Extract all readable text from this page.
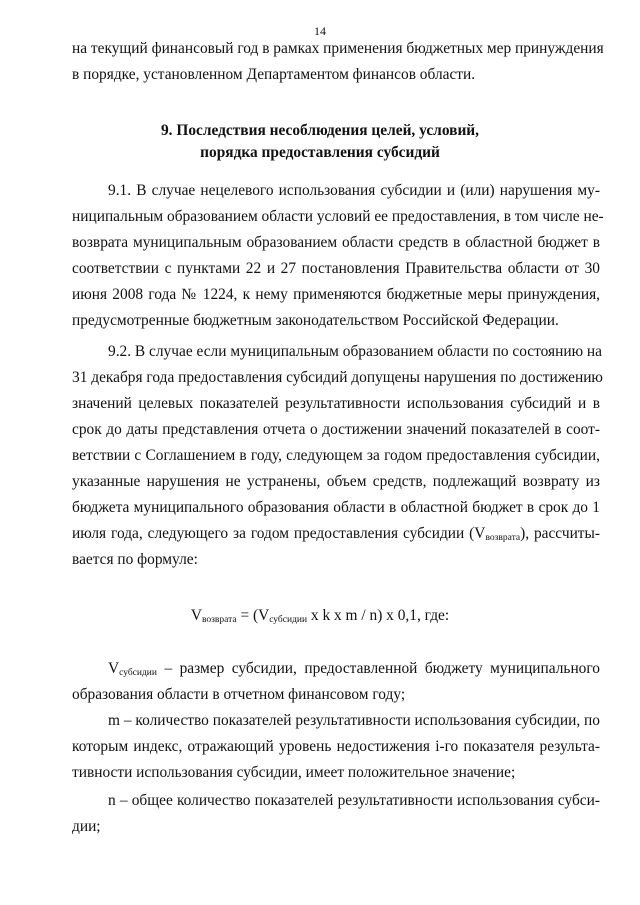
14
на текущий финансовый год в рамках применения бюджетных мер принуждения
в порядке, установленном Департаментом финансов области.
9. Последствия несоблюдения целей, условий,
порядка предоставления субсидий
9.1. В случае нецелевого использования субсидии и (или) нарушения му-
ниципальным образованием области условий ее предоставления, в том числе не-
возврата муниципальным образованием области средств в областной бюджет в
соответствии с пунктами 22 и 27 постановления Правительства области от 30
июня 2008 года № 1224, к нему применяются бюджетные меры принуждения,
предусмотренные бюджетным законодательством Российской Федерации.
9.2. В случае если муниципальным образованием области по состоянию на
31 декабря года предоставления субсидий допущены нарушения по достижению
значений целевых показателей результативности использования субсидий и в
срок до даты представления отчета о достижении значений показателей в соот-
ветствии с Соглашением в году, следующем за годом предоставления субсидии,
указанные нарушения не устранены, объем средств, подлежащий возврату из
бюджета муниципального образования области в областной бюджет в срок до 1
июля года, следующего за годом предоставления субсидии $(V_{возврата})$, рассчиты-
вается по формуле:
$V_{возврата} = (V_{субсидии}$ x k x m / n) x 0,1, где:
$V_{субсидии}$ – размер субсидии, предоставленной бюджету муниципального
образования области в отчетном финансовом году;
m – количество показателей результативности использования субсидии, по
которым индекс, отражающий уровень недостижения i-го показателя результа-
тивности использования субсидии, имеет положительное значение;
n – общее количество показателей результативности использования субси-
дии;
